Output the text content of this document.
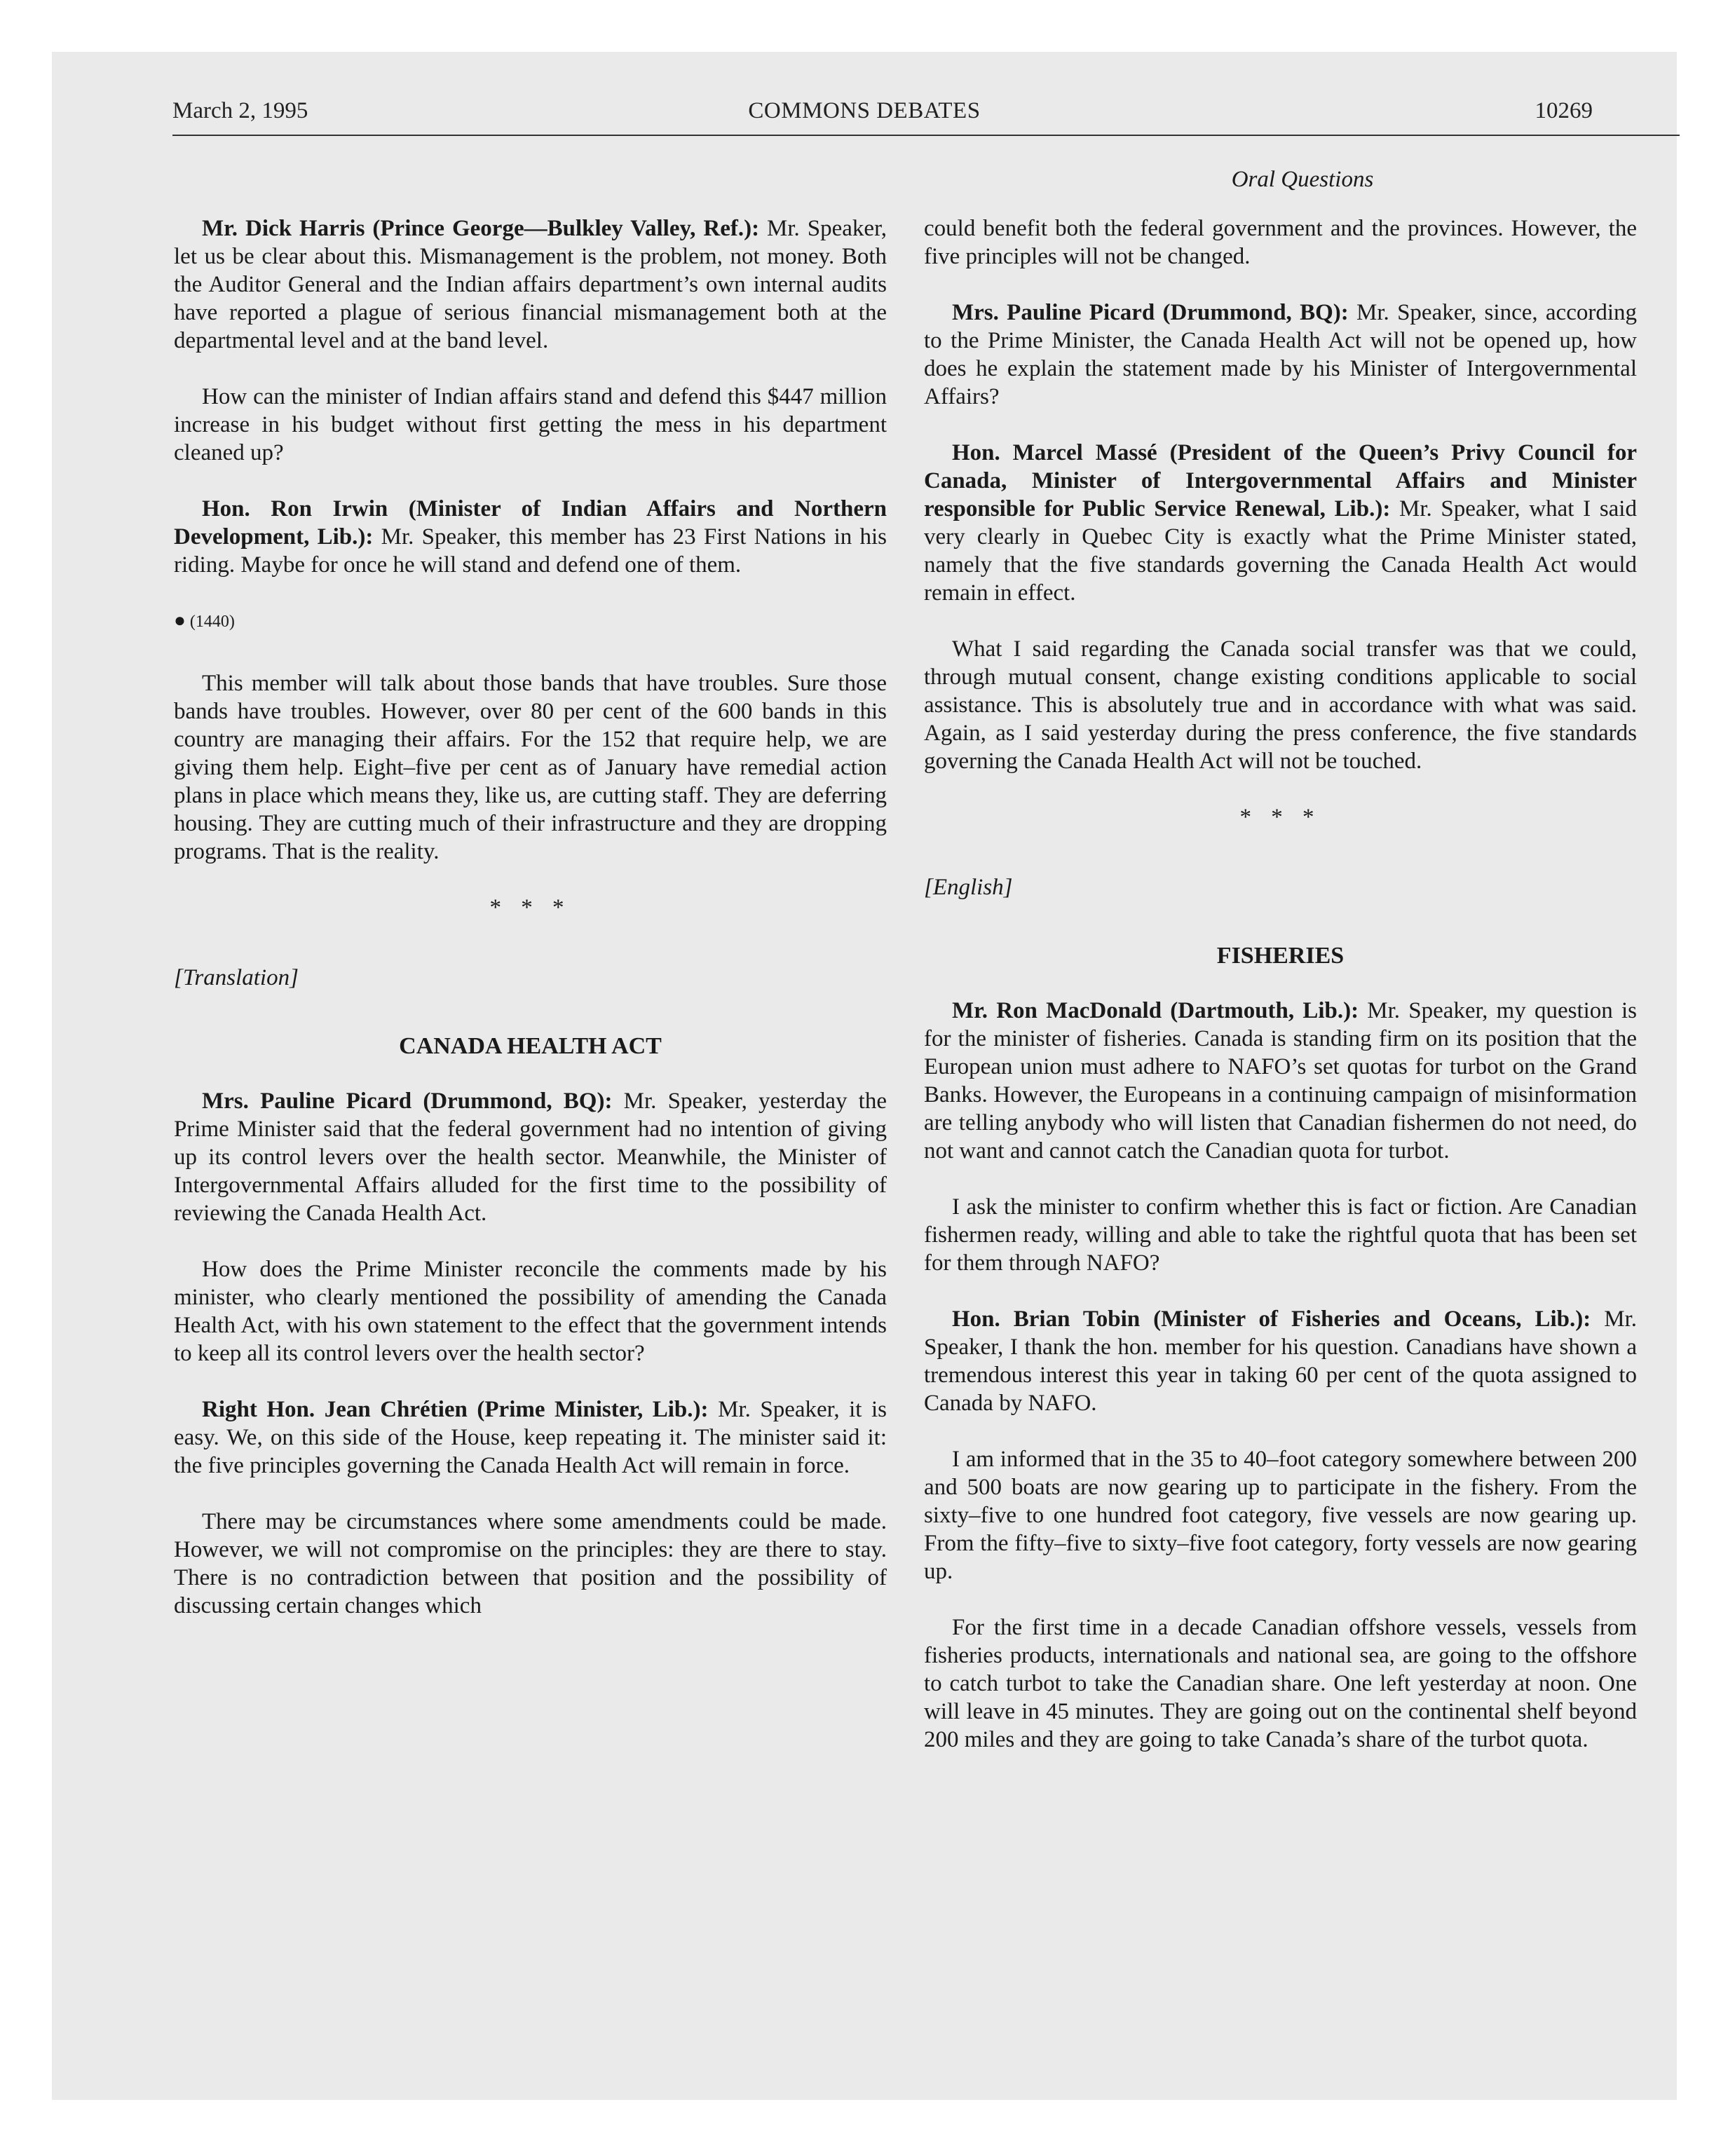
March 2, 1995	COMMONS DEBATES	10269
Oral Questions

Mr. Dick Harris (Prince George—Bulkley Valley, Ref.): Mr. Speaker, let us be clear about this. Mismanagement is the problem, not money. Both the Auditor General and the Indian affairs department’s own internal audits have reported a plague of serious financial mismanagement both at the departmental level and at the band level.

How can the minister of Indian affairs stand and defend this $447 million increase in his budget without first getting the mess in his department cleaned up?

Hon. Ron Irwin (Minister of Indian Affairs and Northern Development, Lib.): Mr. Speaker, this member has 23 First Nations in his riding. Maybe for once he will stand and defend one of them.

● (1440)

This member will talk about those bands that have troubles. Sure those bands have troubles. However, over 80 per cent of the 600 bands in this country are managing their affairs. For the 152 that require help, we are giving them help. Eight–five per cent as of January have remedial action plans in place which means they, like us, are cutting staff. They are deferring housing. They are cutting much of their infrastructure and they are dropping programs. That is the reality.

* * *
[Translation]
CANADA HEALTH ACT

Mrs. Pauline Picard (Drummond, BQ): Mr. Speaker, yesterday the Prime Minister said that the federal government had no intention of giving up its control levers over the health sector. Meanwhile, the Minister of Intergovernmental Affairs alluded for the first time to the possibility of reviewing the Canada Health Act.

How does the Prime Minister reconcile the comments made by his minister, who clearly mentioned the possibility of amending the Canada Health Act, with his own statement to the effect that the government intends to keep all its control levers over the health sector?

Right Hon. Jean Chrétien (Prime Minister, Lib.): Mr. Speaker, it is easy. We, on this side of the House, keep repeating it. The minister said it: the five principles governing the Canada Health Act will remain in force.

There may be circumstances where some amendments could be made. However, we will not compromise on the principles: they are there to stay. There is no contradiction between that position and the possibility of discussing certain changes which

could benefit both the federal government and the provinces. However, the five principles will not be changed.

Mrs. Pauline Picard (Drummond, BQ): Mr. Speaker, since, according to the Prime Minister, the Canada Health Act will not be opened up, how does he explain the statement made by his Minister of Intergovernmental Affairs?

Hon. Marcel Massé (President of the Queen’s Privy Council for Canada, Minister of Intergovernmental Affairs and Minister responsible for Public Service Renewal, Lib.): Mr. Speaker, what I said very clearly in Quebec City is exactly what the Prime Minister stated, namely that the five standards governing the Canada Health Act would remain in effect.

What I said regarding the Canada social transfer was that we could, through mutual consent, change existing conditions applicable to social assistance. This is absolutely true and in accordance with what was said. Again, as I said yesterday during the press conference, the five standards governing the Canada Health Act will not be touched.

* * *
[English]
FISHERIES

Mr. Ron MacDonald (Dartmouth, Lib.): Mr. Speaker, my question is for the minister of fisheries. Canada is standing firm on its position that the European union must adhere to NAFO’s set quotas for turbot on the Grand Banks. However, the Europeans in a continuing campaign of misinformation are telling anybody who will listen that Canadian fishermen do not need, do not want and cannot catch the Canadian quota for turbot.

I ask the minister to confirm whether this is fact or fiction. Are Canadian fishermen ready, willing and able to take the rightful quota that has been set for them through NAFO?

Hon. Brian Tobin (Minister of Fisheries and Oceans, Lib.): Mr. Speaker, I thank the hon. member for his question. Canadians have shown a tremendous interest this year in taking 60 per cent of the quota assigned to Canada by NAFO.

I am informed that in the 35 to 40–foot category somewhere between 200 and 500 boats are now gearing up to participate in the fishery. From the sixty–five to one hundred foot category, five vessels are now gearing up. From the fifty–five to sixty–five foot category, forty vessels are now gearing up.

For the first time in a decade Canadian offshore vessels, vessels from fisheries products, internationals and national sea, are going to the offshore to catch turbot to take the Canadian share. One left yesterday at noon. One will leave in 45 minutes. They are going out on the continental shelf beyond 200 miles and they are going to take Canada’s share of the turbot quota.
